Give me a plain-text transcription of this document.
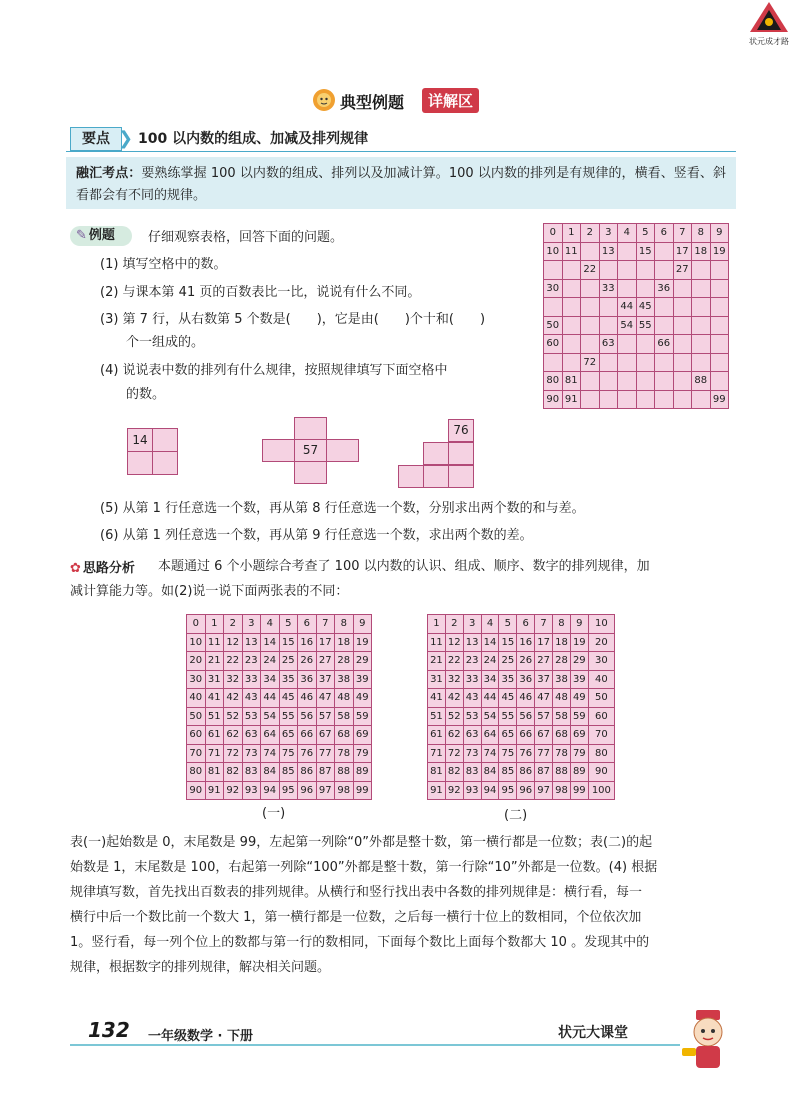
状元成才路
典型例题	详解区
要点 ❯ 100 以内数的组成、加减及排列规律
融汇考点：要熟练掌握 100 以内数的组成、排列以及加减计算。100 以内数的排列是有规律的，横看、竖看、斜看都会有不同的规律。
✎ 例题	仔细观察表格，回答下面的问题。
(1) 填写空格中的数。
(2) 与课本第 41 页的百数表比一比，说说有什么不同。
(3) 第 7 行，从右数第 5 个数是(　　)，它是由(　　)个十和(　　)
个一组成的。
(4) 说说表中数的排列有什么规律，按照规律填写下面空格中
的数。
0	1	2	3	4	5	6	7	8	9
10	11		13		15		17	18	19
		22					27		
30			33			36			
				44	45				
50				54	55				
60			63			66			
		72							
80	81							88	
90	91								99
14	

57
76
(5) 从第 1 行任意选一个数，再从第 8 行任意选一个数，分别求出两个数的和与差。
(6) 从第 1 列任意选一个数，再从第 9 行任意选一个数，求出两个数的差。
✿ 思路分析 本题通过 6 个小题综合考查了 100 以内数的认识、组成、顺序、数字的排列规律，加
减计算能力等。如(2)说一说下面两张表的不同：
0	1	2	3	4	5	6	7	8	9
10	11	12	13	14	15	16	17	18	19
20	21	22	23	24	25	26	27	28	29
30	31	32	33	34	35	36	37	38	39
40	41	42	43	44	45	46	47	48	49
50	51	52	53	54	55	56	57	58	59
60	61	62	63	64	65	66	67	68	69
70	71	72	73	74	75	76	77	78	79
80	81	82	83	84	85	86	87	88	89
90	91	92	93	94	95	96	97	98	99
1	2	3	4	5	6	7	8	9	10
11	12	13	14	15	16	17	18	19	20
21	22	23	24	25	26	27	28	29	30
31	32	33	34	35	36	37	38	39	40
41	42	43	44	45	46	47	48	49	50
51	52	53	54	55	56	57	58	59	60
61	62	63	64	65	66	67	68	69	70
71	72	73	74	75	76	77	78	79	80
81	82	83	84	85	86	87	88	89	90
91	92	93	94	95	96	97	98	99	100
(一)	(二)
表(一)起始数是 0，末尾数是 99，左起第一列除“0”外都是整十数，第一横行都是一位数；表(二)的起
始数是 1，末尾数是 100，右起第一列除“100”外都是整十数，第一行除“10”外都是一位数。(4) 根据
规律填写数，首先找出百数表的排列规律。从横行和竖行找出表中各数的排列规律是：横行看，每一
横行中后一个数比前一个数大 1，第一横行都是一位数，之后每一横行十位上的数相同，个位依次加
1。竖行看，每一列个位上的数都与第一行的数相同，下面每个数比上面每个数都大 10 。发现其中的
规律，根据数字的排列规律，解决相关问题。
132 一年级数学 · 下册	状元大课堂
